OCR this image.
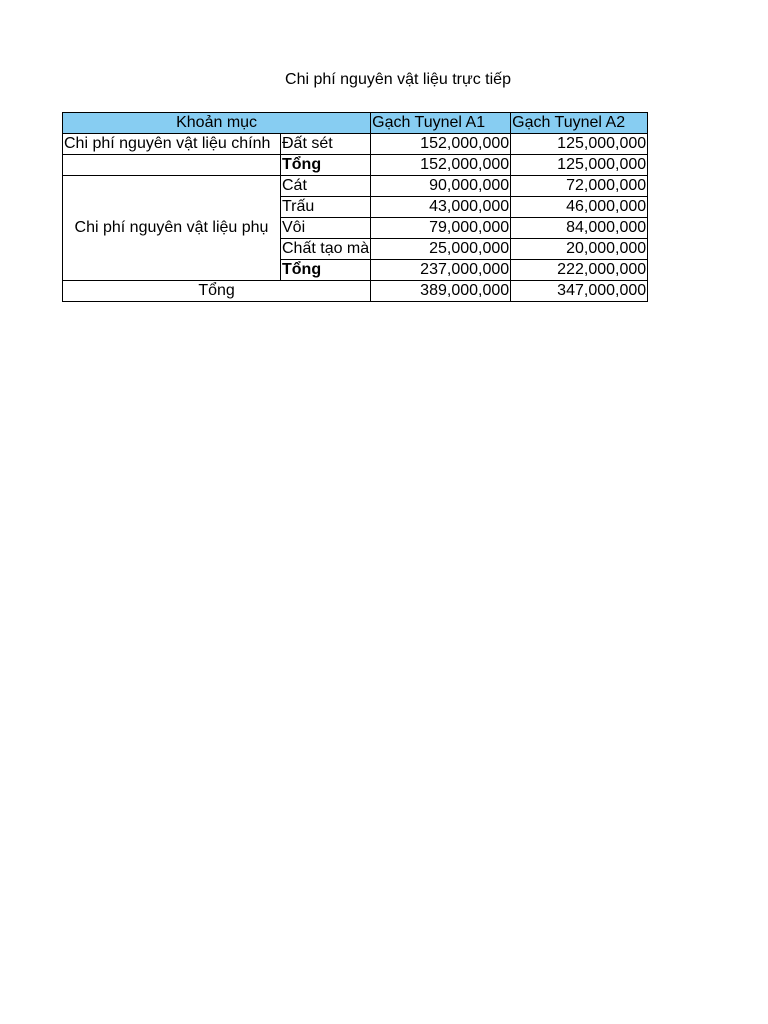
Chi phí nguyên vật liệu trực tiếp
Khoản mục		Gạch Tuynel A1	Gạch Tuynel A2
Chi phí nguyên vật liệu chính	Đất sét	152,000,000	125,000,000
	Tổng	152,000,000	125,000,000
Chi phí nguyên vật liệu phụ	Cát	90,000,000	72,000,000
	Trấu	43,000,000	46,000,000
	Vôi	79,000,000	84,000,000
	Chất tạo mà	25,000,000	20,000,000
	Tổng	237,000,000	222,000,000
Tổng		389,000,000	347,000,000
